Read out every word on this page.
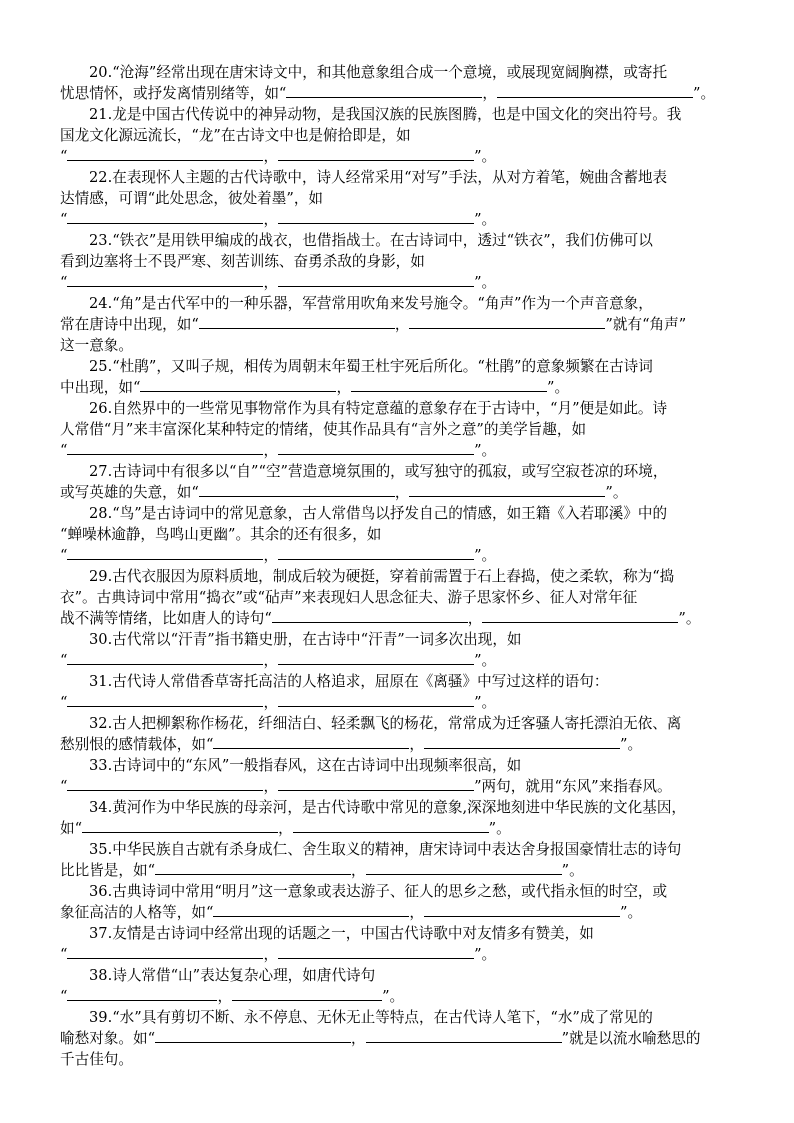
20.“沧海”经常出现在唐宋诗文中，和其他意象组合成一个意境，或展现宽阔胸襟，或寄托
忧思情怀，或抒发离情别绪等，如“	，	”。
21.龙是中国古代传说中的神异动物，是我国汉族的民族图腾，也是中国文化的突出符号。我
国龙文化源远流长，“龙”在古诗文中也是俯拾即是，如
“	，	”。
22.在表现怀人主题的古代诗歌中，诗人经常采用“对写”手法，从对方着笔，婉曲含蓄地表
达情感，可谓“此处思念，彼处着墨”，如
“	，	”。
23.“铁衣”是用铁甲编成的战衣，也借指战士。在古诗词中，透过“铁衣”，我们仿佛可以
看到边塞将士不畏严寒、刻苦训练、奋勇杀敌的身影，如
“	，	”。
24.“角”是古代军中的一种乐器，军营常用吹角来发号施令。“角声”作为一个声音意象，
常在唐诗中出现，如“	，	”就有“角声”
这一意象。
25.“杜鹃”，又叫子规，相传为周朝末年蜀王杜宇死后所化。“杜鹃”的意象频繁在古诗词
中出现，如“	，	”。
26.自然界中的一些常见事物常作为具有特定意蕴的意象存在于古诗中，“月”便是如此。诗
人常借“月”来丰富深化某种特定的情绪，使其作品具有“言外之意”的美学旨趣，如
“	，	”。
27.古诗词中有很多以“自”“空”营造意境氛围的，或写独守的孤寂，或写空寂苍凉的环境，
或写英雄的失意，如“	，	”。
28.“鸟”是古诗词中的常见意象，古人常借鸟以抒发自己的情感，如王籍《入若耶溪》中的
“蝉噪林逾静，鸟鸣山更幽”。其余的还有很多，如
“	，	”。
29.古代衣服因为原料质地，制成后较为硬挺，穿着前需置于石上舂捣，使之柔软，称为“捣
衣”。古典诗词中常用“捣衣”或“砧声”来表现妇人思念征夫、游子思家怀乡、征人对常年征
战不满等情绪，比如唐人的诗句“	，	”。
30.古代常以“汗青”指书籍史册，在古诗中“汗青”一词多次出现，如
“	，	”。
31.古代诗人常借香草寄托高洁的人格追求，屈原在《离骚》中写过这样的语句：
“	，	”。
32.古人把柳絮称作杨花，纤细洁白、轻柔飘飞的杨花，常常成为迁客骚人寄托漂泊无依、离
愁别恨的感情载体，如“	，	”。
33.古诗词中的“东风”一般指春风，这在古诗词中出现频率很高，如
“	，	”两句，就用“东风”来指春风。
34.黄河作为中华民族的母亲河，是古代诗歌中常见的意象,深深地刻进中华民族的文化基因，
如“	，	”。
35.中华民族自古就有杀身成仁、舍生取义的精神，唐宋诗词中表达舍身报国豪情壮志的诗句
比比皆是，如“	，	”。
36.古典诗词中常用“明月”这一意象或表达游子、征人的思乡之愁，或代指永恒的时空，或
象征高洁的人格等，如“	，	”。
37.友情是古诗词中经常出现的话题之一，中国古代诗歌中对友情多有赞美，如
“	，	”。
38.诗人常借“山”表达复杂心理，如唐代诗句
“	，	”。
39.“水”具有剪切不断、永不停息、无休无止等特点，在古代诗人笔下，“水”成了常见的
喻愁对象。如“	，	”就是以流水喻愁思的
千古佳句。
